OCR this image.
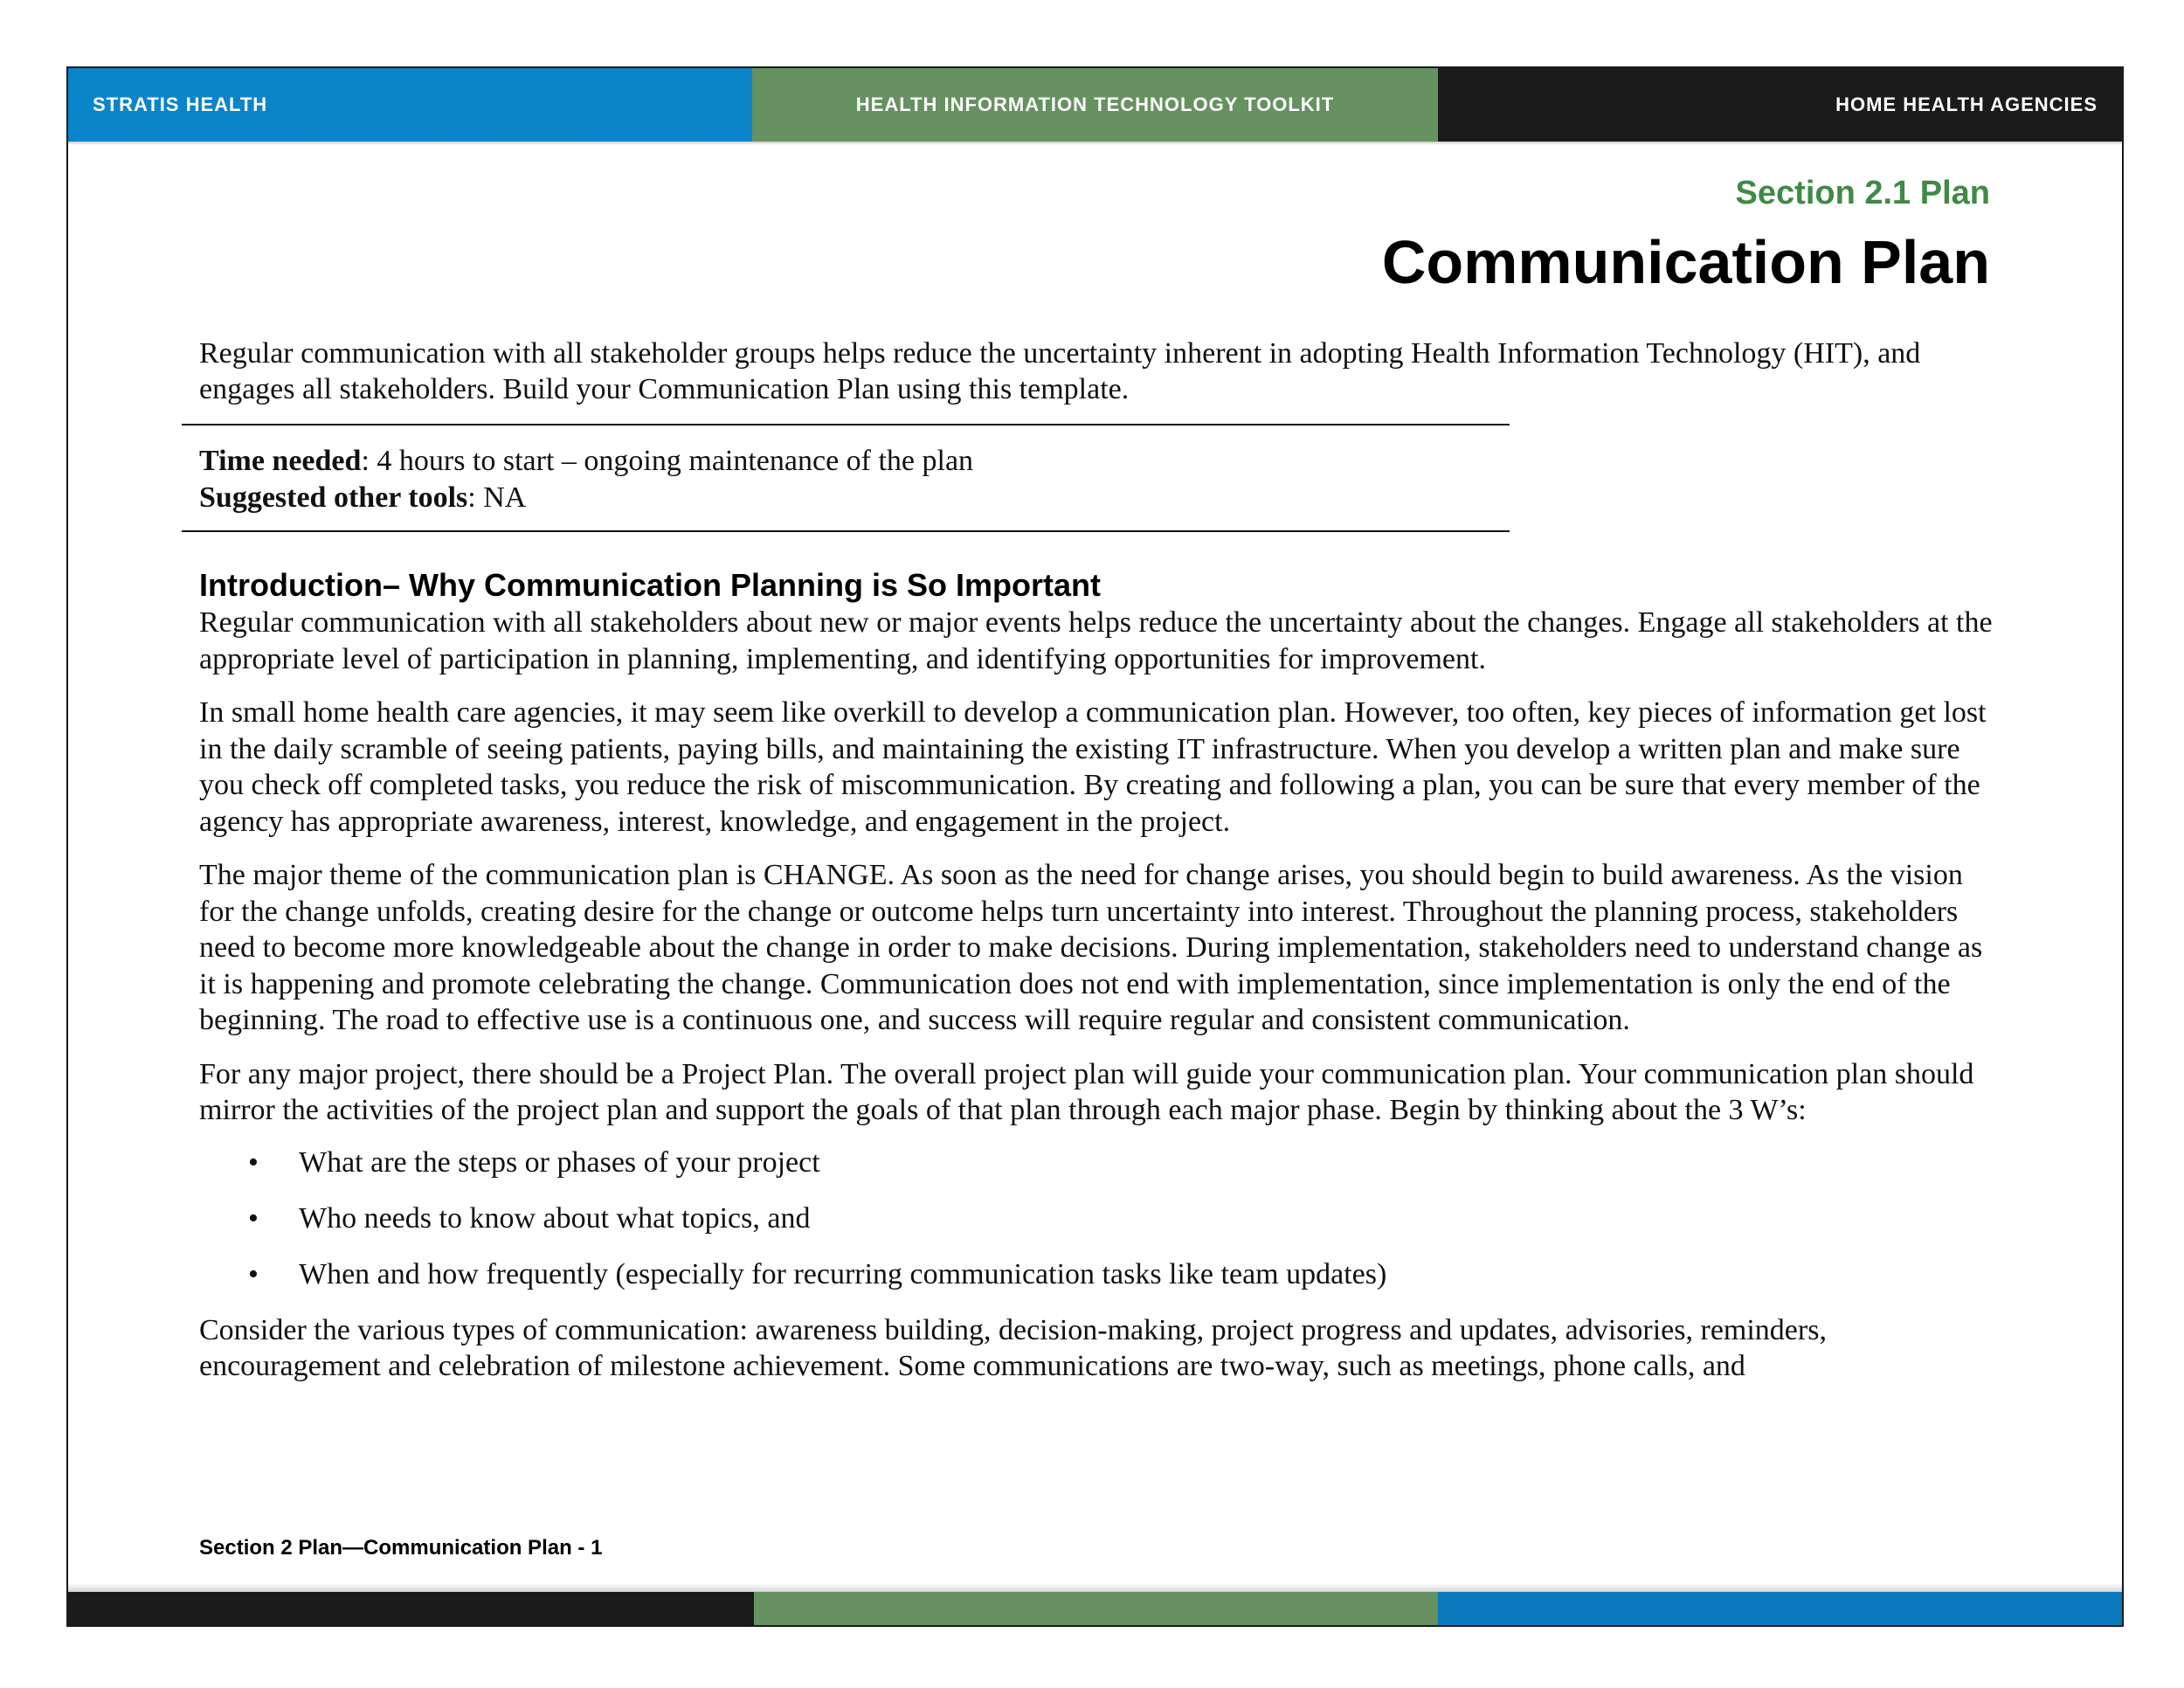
STRATIS HEALTH	HEALTH INFORMATION TECHNOLOGY TOOLKIT	HOME HEALTH AGENCIES
Section 2.1 Plan
Communication Plan
Regular communication with all stakeholder groups helps reduce the uncertainty inherent in adopting Health Information Technology (HIT), and engages all stakeholders. Build your Communication Plan using this template.
Time needed: 4 hours to start – ongoing maintenance of the plan
Suggested other tools: NA
Introduction– Why Communication Planning is So Important

Regular communication with all stakeholders about new or major events helps reduce the uncertainty about the changes. Engage all stakeholders at the appropriate level of participation in planning, implementing, and identifying opportunities for improvement.

In small home health care agencies, it may seem like overkill to develop a communication plan. However, too often, key pieces of information get lost in the daily scramble of seeing patients, paying bills, and maintaining the existing IT infrastructure. When you develop a written plan and make sure you check off completed tasks, you reduce the risk of miscommunication. By creating and following a plan, you can be sure that every member of the agency has appropriate awareness, interest, knowledge, and engagement in the project.

The major theme of the communication plan is CHANGE. As soon as the need for change arises, you should begin to build awareness. As the vision for the change unfolds, creating desire for the change or outcome helps turn uncertainty into interest. Throughout the planning process, stakeholders need to become more knowledgeable about the change in order to make decisions. During implementation, stakeholders need to understand change as it is happening and promote celebrating the change. Communication does not end with implementation, since implementation is only the end of the beginning. The road to effective use is a continuous one, and success will require regular and consistent communication.

For any major project, there should be a Project Plan. The overall project plan will guide your communication plan. Your communication plan should mirror the activities of the project plan and support the goals of that plan through each major phase. Begin by thinking about the 3 W’s:

• What are the steps or phases of your project
• Who needs to know about what topics, and
• When and how frequently (especially for recurring communication tasks like team updates)

Consider the various types of communication: awareness building, decision-making, project progress and updates, advisories, reminders, encouragement and celebration of milestone achievement. Some communications are two-way, such as meetings, phone calls, and

Section 2 Plan—Communication Plan - 1
